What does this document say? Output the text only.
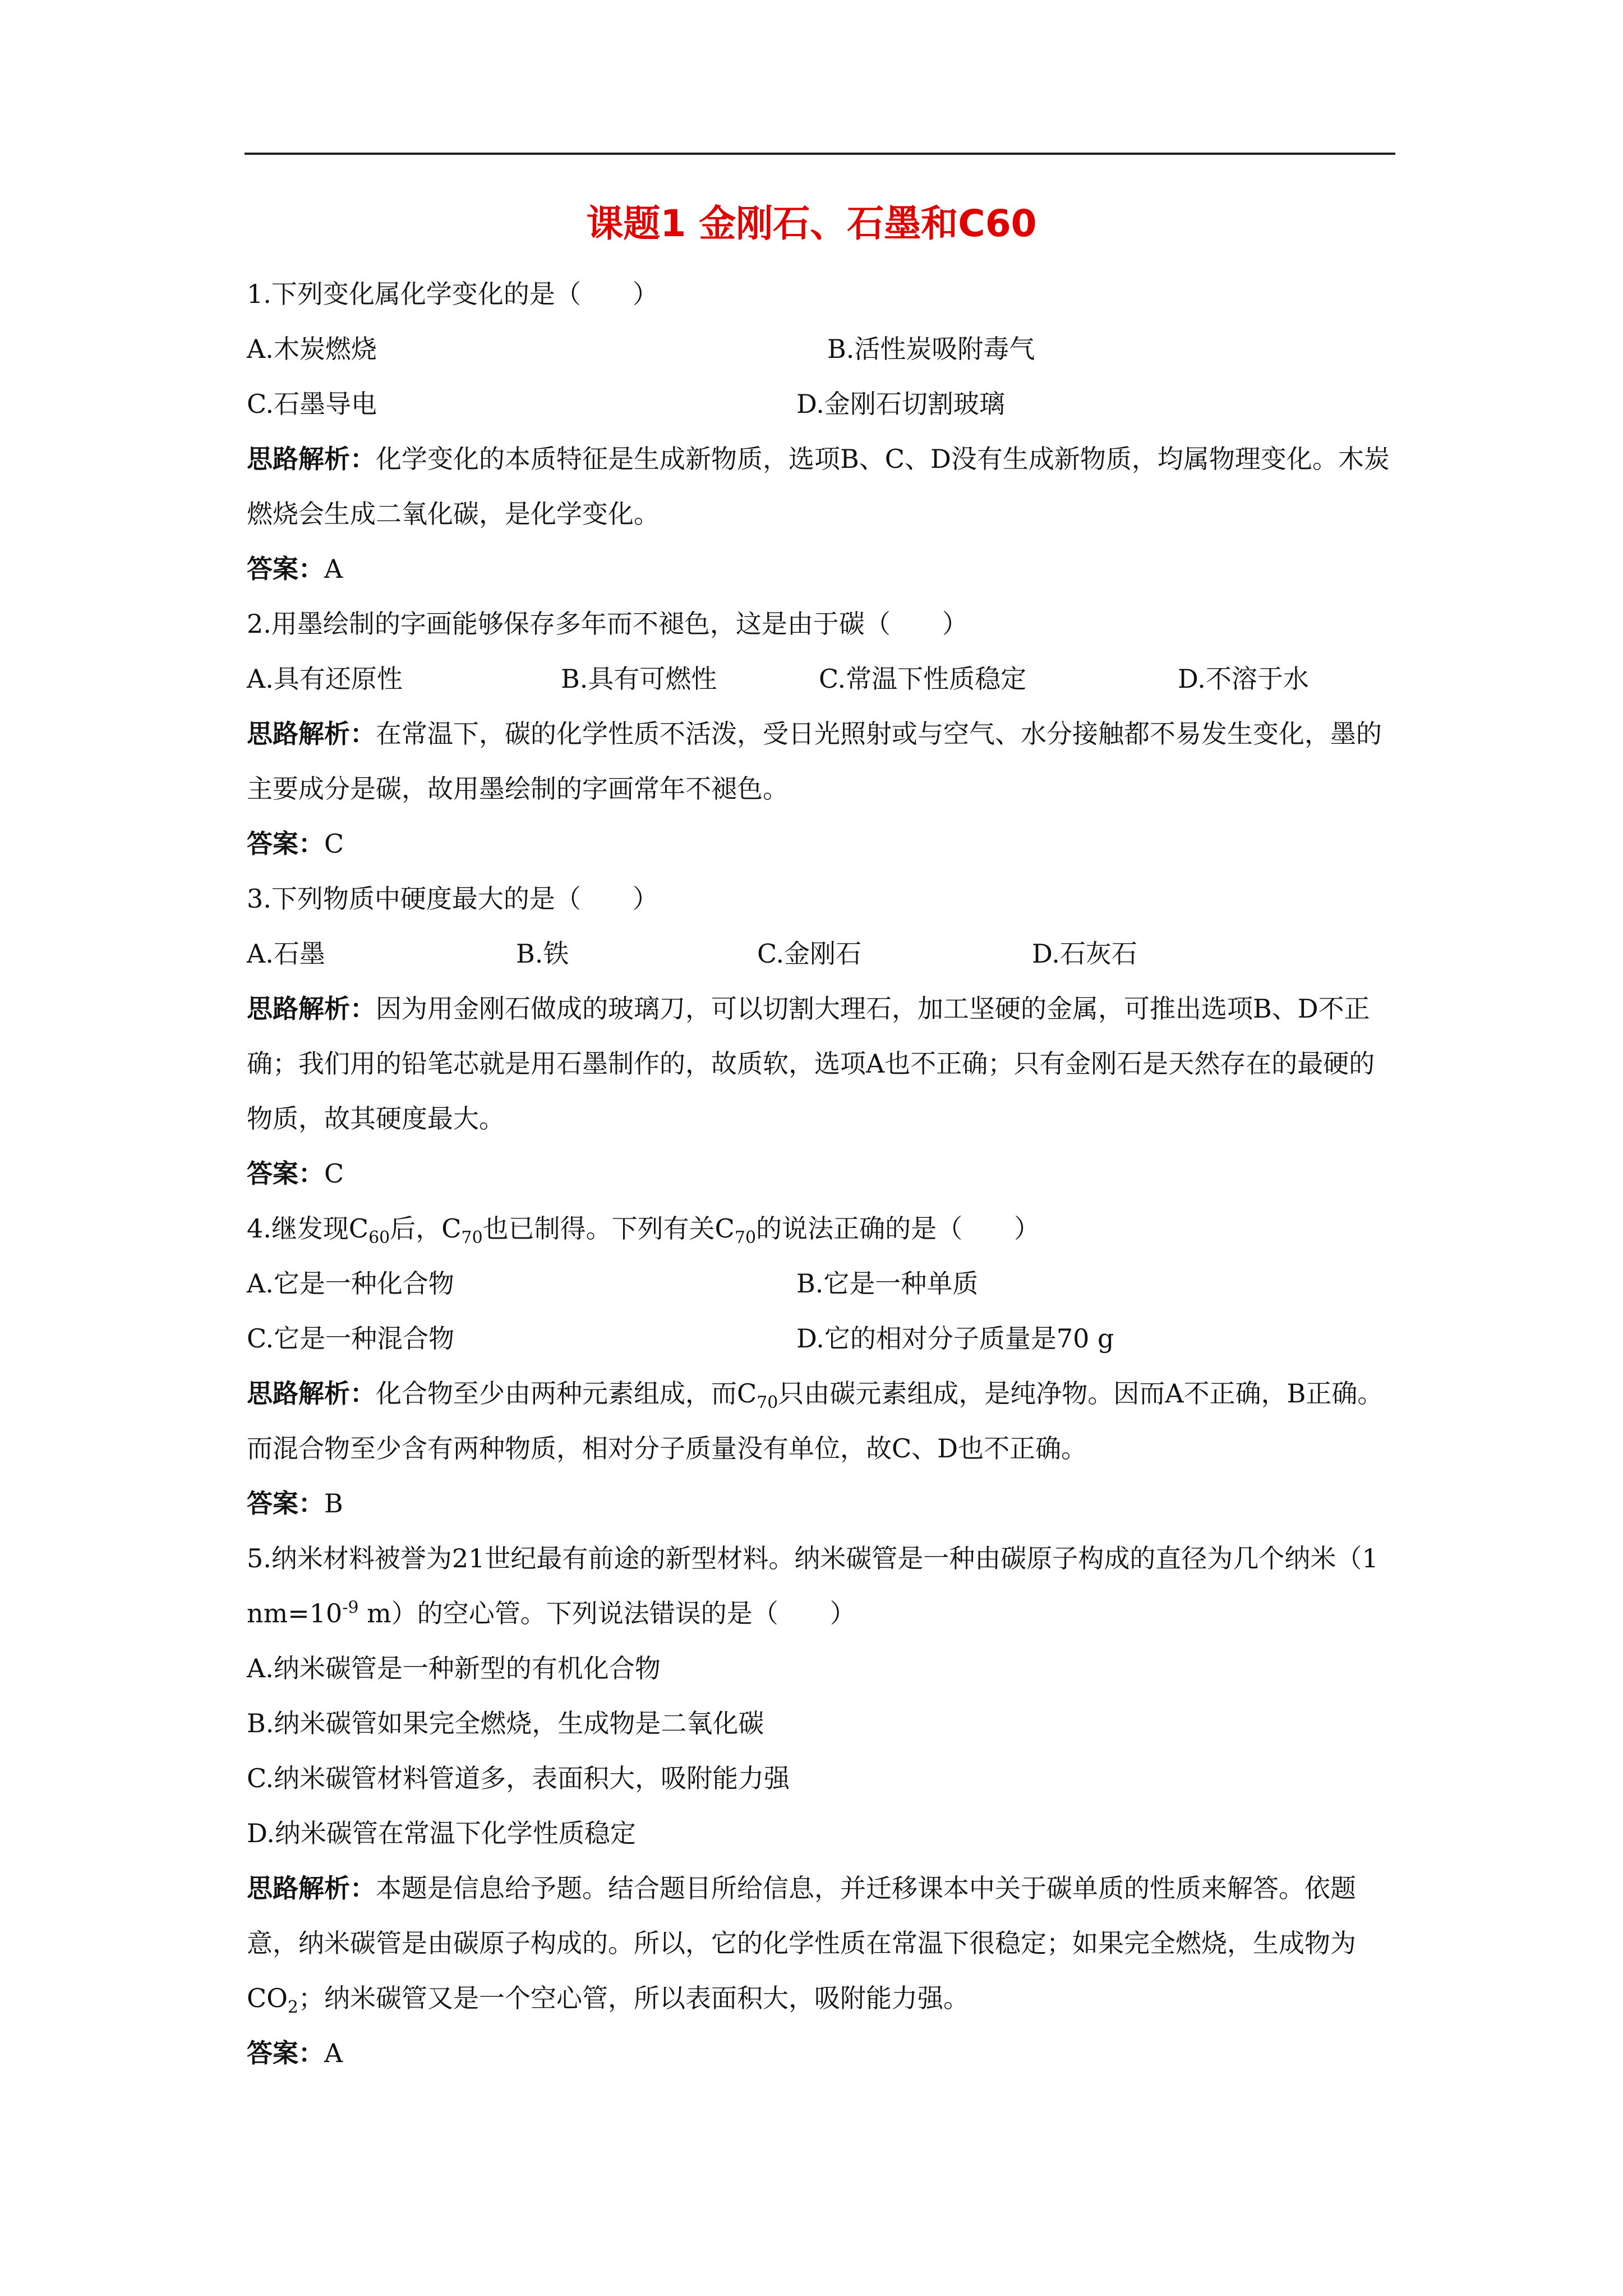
课题1 金刚石、石墨和C60
1.下列变化属化学变化的是（　　）
A.木炭燃烧	B.活性炭吸附毒气
C.石墨导电	D.金刚石切割玻璃
思路解析：化学变化的本质特征是生成新物质，选项B、C、D没有生成新物质，均属物理变化。木炭燃烧会生成二氧化碳，是化学变化。
答案：A
2.用墨绘制的字画能够保存多年而不褪色，这是由于碳（　　）
A.具有还原性	B.具有可燃性	C.常温下性质稳定	D.不溶于水
思路解析：在常温下，碳的化学性质不活泼，受日光照射或与空气、水分接触都不易发生变化，墨的主要成分是碳，故用墨绘制的字画常年不褪色。
答案：C
3.下列物质中硬度最大的是（　　）
A.石墨	B.铁	C.金刚石	D.石灰石
思路解析：因为用金刚石做成的玻璃刀，可以切割大理石，加工坚硬的金属，可推出选项B、D不正确；我们用的铅笔芯就是用石墨制作的，故质软，选项A也不正确；只有金刚石是天然存在的最硬的物质，故其硬度最大。
答案：C
4.继发现$C_{60}$后，$C_{70}$也已制得。下列有关$C_{70}$的说法正确的是（　　）
A.它是一种化合物	B.它是一种单质
C.它是一种混合物	D.它的相对分子质量是70 g
思路解析：化合物至少由两种元素组成，而$C_{70}$只由碳元素组成，是纯净物。因而A不正确，B正确。而混合物至少含有两种物质，相对分子质量没有单位，故C、D也不正确。
答案：B
5.纳米材料被誉为21世纪最有前途的新型材料。纳米碳管是一种由碳原子构成的直径为几个纳米（1 $nm=10^{-9}$ m）的空心管。下列说法错误的是（　　）
A.纳米碳管是一种新型的有机化合物
B.纳米碳管如果完全燃烧，生成物是二氧化碳
C.纳米碳管材料管道多，表面积大，吸附能力强
D.纳米碳管在常温下化学性质稳定
思路解析：本题是信息给予题。结合题目所给信息，并迁移课本中关于碳单质的性质来解答。依题意，纳米碳管是由碳原子构成的。所以，它的化学性质在常温下很稳定；如果完全燃烧，生成物为$CO_2$；纳米碳管又是一个空心管，所以表面积大，吸附能力强。
答案：A
